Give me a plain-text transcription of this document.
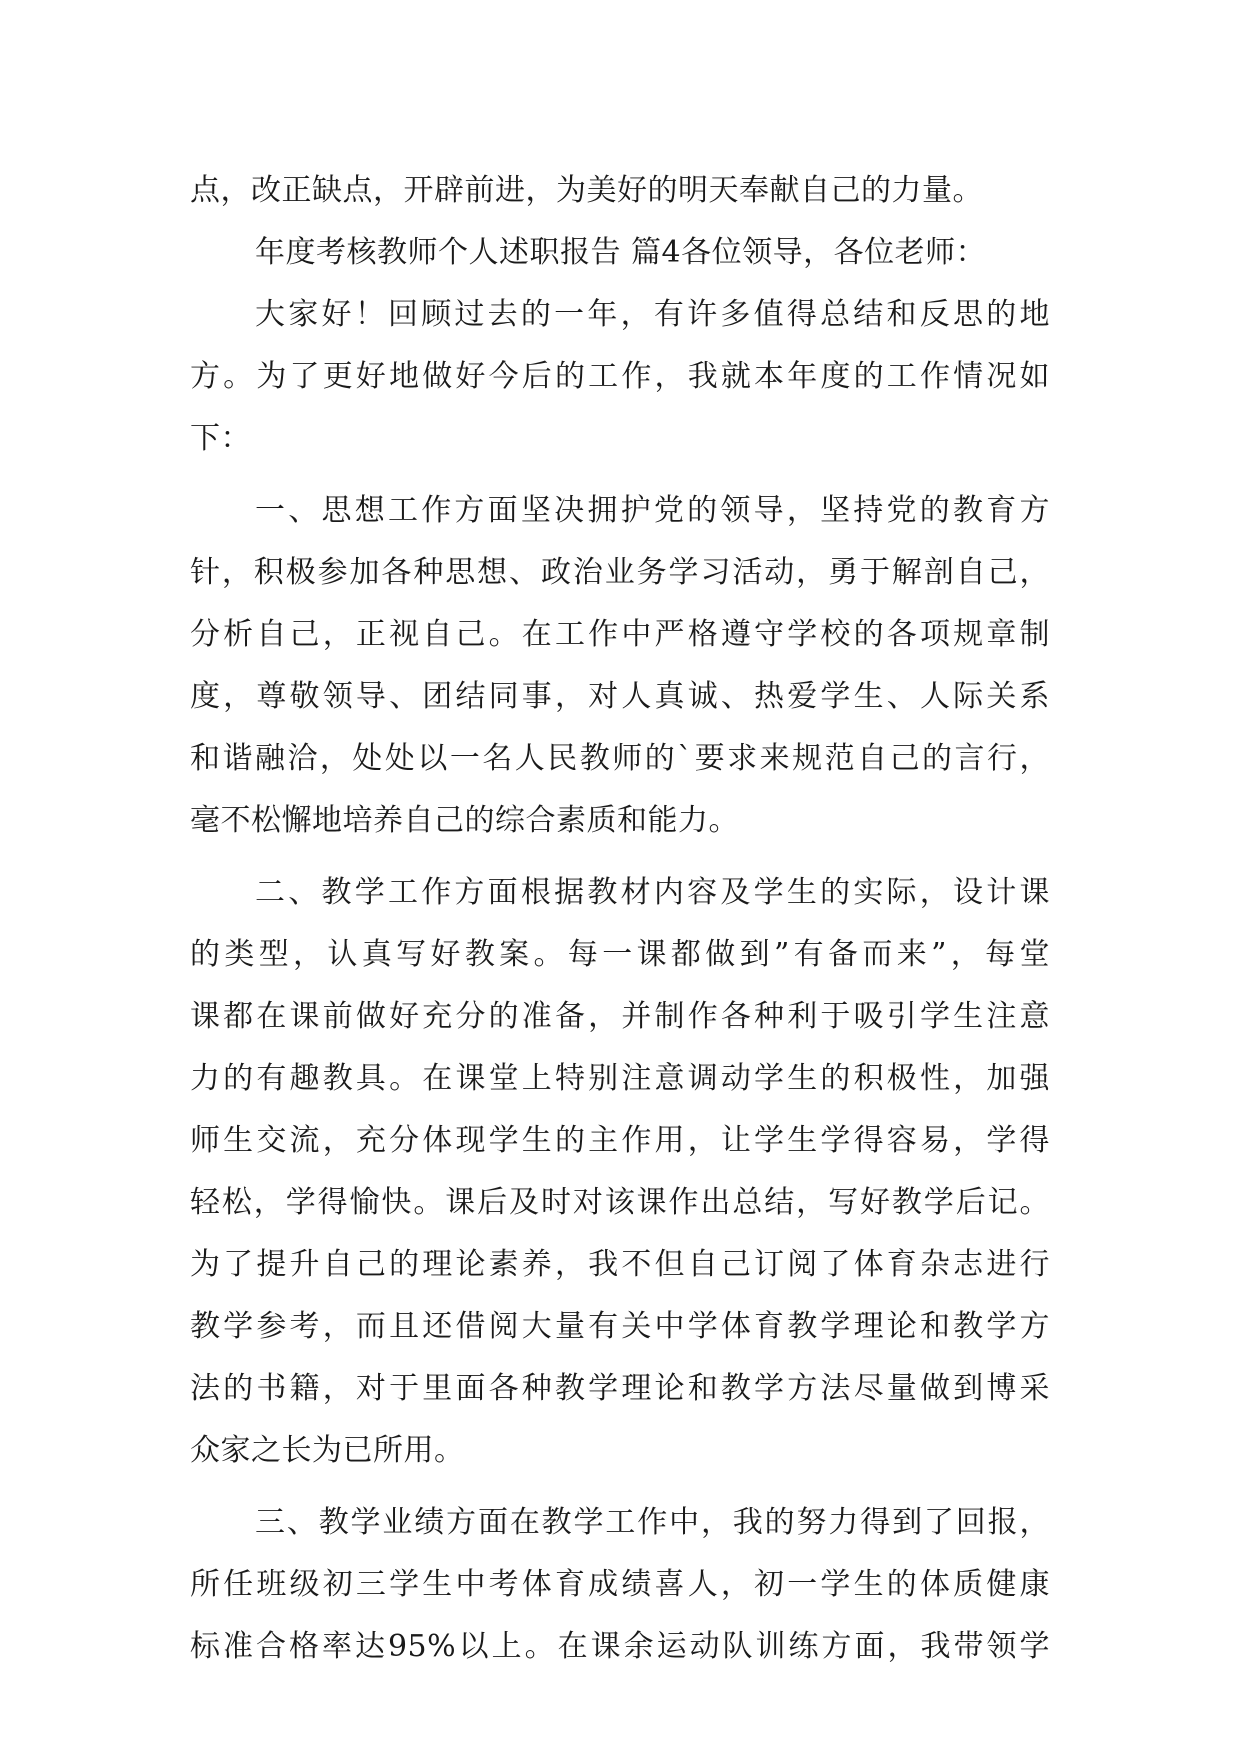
点，改正缺点，开辟前进，为美好的明天奉献自己的力量。
年度考核教师个人述职报告 篇4各位领导，各位老师：
大家好！回顾过去的一年，有许多值得总结和反思的地
方。为了更好地做好今后的工作，我就本年度的工作情况如
下：
一、思想工作方面坚决拥护党的领导，坚持党的教育方
针，积极参加各种思想、政治业务学习活动，勇于解剖自己，
分析自己，正视自己。在工作中严格遵守学校的各项规章制
度，尊敬领导、团结同事，对人真诚、热爱学生、人际关系
和谐融洽，处处以一名人民教师的`要求来规范自己的言行，
毫不松懈地培养自己的综合素质和能力。
二、教学工作方面根据教材内容及学生的实际，设计课
的类型，认真写好教案。每一课都做到”有备而来”，每堂
课都在课前做好充分的准备，并制作各种利于吸引学生注意
力的有趣教具。在课堂上特别注意调动学生的积极性，加强
师生交流，充分体现学生的主作用，让学生学得容易，学得
轻松，学得愉快。课后及时对该课作出总结，写好教学后记。
为了提升自己的理论素养，我不但自己订阅了体育杂志进行
教学参考，而且还借阅大量有关中学体育教学理论和教学方
法的书籍，对于里面各种教学理论和教学方法尽量做到博采
众家之长为已所用。
三、教学业绩方面在教学工作中，我的努力得到了回报，
所任班级初三学生中考体育成绩喜人，初一学生的体质健康
标准合格率达95%以上。在课余运动队训练方面，我带领学
